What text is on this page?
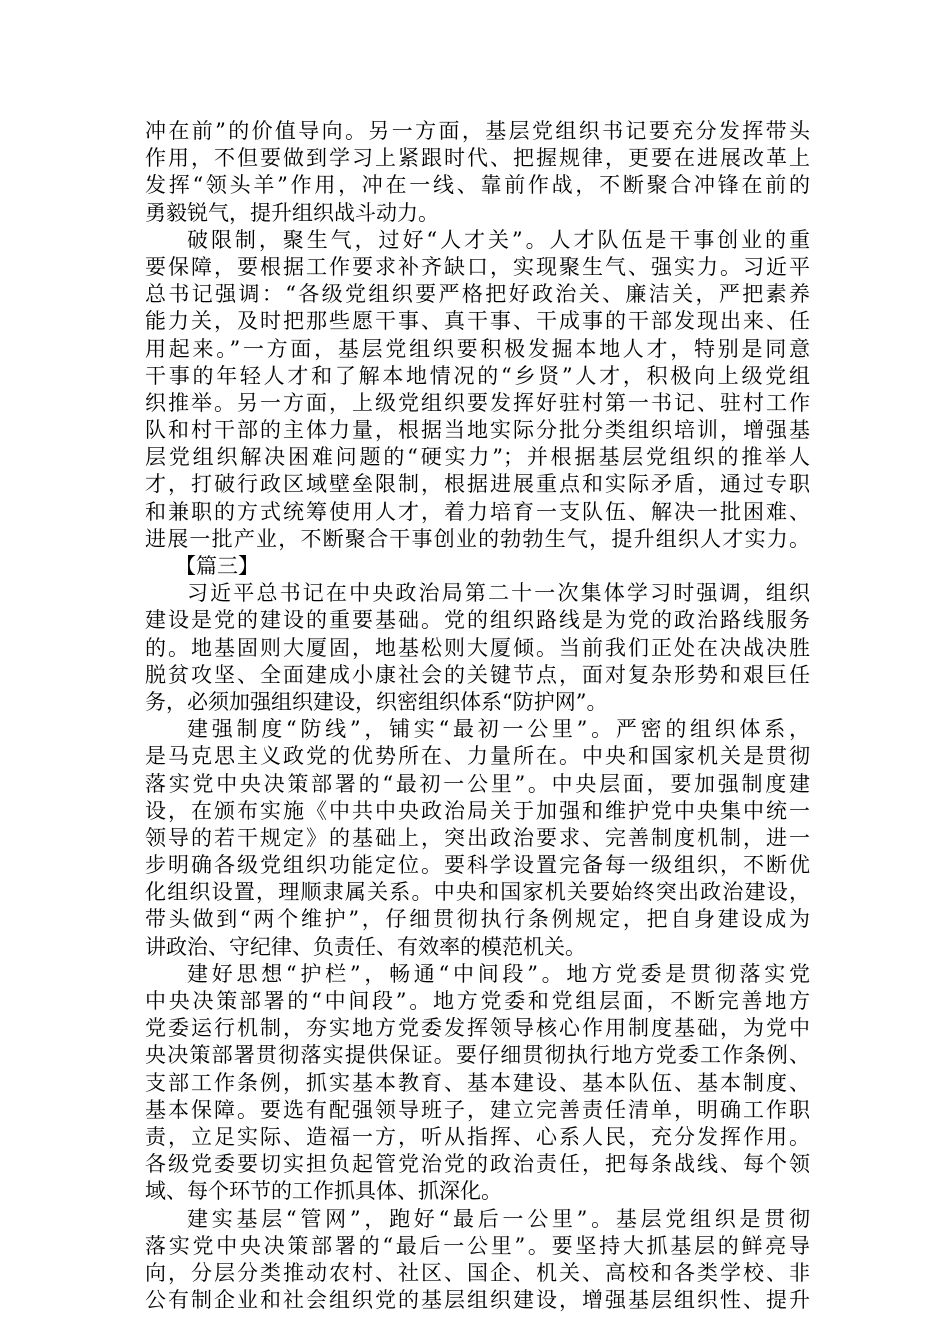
冲在前”的价值导向。另一方面，基层党组织书记要充分发挥带头
作用，不但要做到学习上紧跟时代、把握规律，更要在进展改革上
发挥“领头羊”作用，冲在一线、靠前作战，不断聚合冲锋在前的
勇毅锐气，提升组织战斗动力。
破限制，聚生气，过好“人才关”。人才队伍是干事创业的重
要保障，要根据工作要求补齐缺口，实现聚生气、强实力。习近平
总书记强调：“各级党组织要严格把好政治关、廉洁关，严把素养
能力关，及时把那些愿干事、真干事、干成事的干部发现出来、任
用起来。”一方面，基层党组织要积极发掘本地人才，特别是同意
干事的年轻人才和了解本地情况的“乡贤”人才，积极向上级党组
织推举。另一方面，上级党组织要发挥好驻村第一书记、驻村工作
队和村干部的主体力量，根据当地实际分批分类组织培训，增强基
层党组织解决困难问题的“硬实力”；并根据基层党组织的推举人
才，打破行政区域壁垒限制，根据进展重点和实际矛盾，通过专职
和兼职的方式统筹使用人才，着力培育一支队伍、解决一批困难、
进展一批产业，不断聚合干事创业的勃勃生气，提升组织人才实力。
【篇三】
习近平总书记在中央政治局第二十一次集体学习时强调，组织
建设是党的建设的重要基础。党的组织路线是为党的政治路线服务
的。地基固则大厦固，地基松则大厦倾。当前我们正处在决战决胜
脱贫攻坚、全面建成小康社会的关键节点，面对复杂形势和艰巨任
务，必须加强组织建设，织密组织体系“防护网”。
建强制度“防线”，铺实“最初一公里”。严密的组织体系，
是马克思主义政党的优势所在、力量所在。中央和国家机关是贯彻
落实党中央决策部署的“最初一公里”。中央层面，要加强制度建
设，在颁布实施《中共中央政治局关于加强和维护党中央集中统一
领导的若干规定》的基础上，突出政治要求、完善制度机制，进一
步明确各级党组织功能定位。要科学设置完备每一级组织，不断优
化组织设置，理顺隶属关系。中央和国家机关要始终突出政治建设，
带头做到“两个维护”，仔细贯彻执行条例规定，把自身建设成为
讲政治、守纪律、负责任、有效率的模范机关。
建好思想“护栏”，畅通“中间段”。地方党委是贯彻落实党
中央决策部署的“中间段”。地方党委和党组层面，不断完善地方
党委运行机制，夯实地方党委发挥领导核心作用制度基础，为党中
央决策部署贯彻落实提供保证。要仔细贯彻执行地方党委工作条例、
支部工作条例，抓实基本教育、基本建设、基本队伍、基本制度、
基本保障。要选有配强领导班子，建立完善责任清单，明确工作职
责，立足实际、造福一方，听从指挥、心系人民，充分发挥作用。
各级党委要切实担负起管党治党的政治责任，把每条战线、每个领
域、每个环节的工作抓具体、抓深化。
建实基层“管网”，跑好“最后一公里”。基层党组织是贯彻
落实党中央决策部署的“最后一公里”。要坚持大抓基层的鲜亮导
向，分层分类推动农村、社区、国企、机关、高校和各类学校、非
公有制企业和社会组织党的基层组织建设，增强基层组织性、提升
